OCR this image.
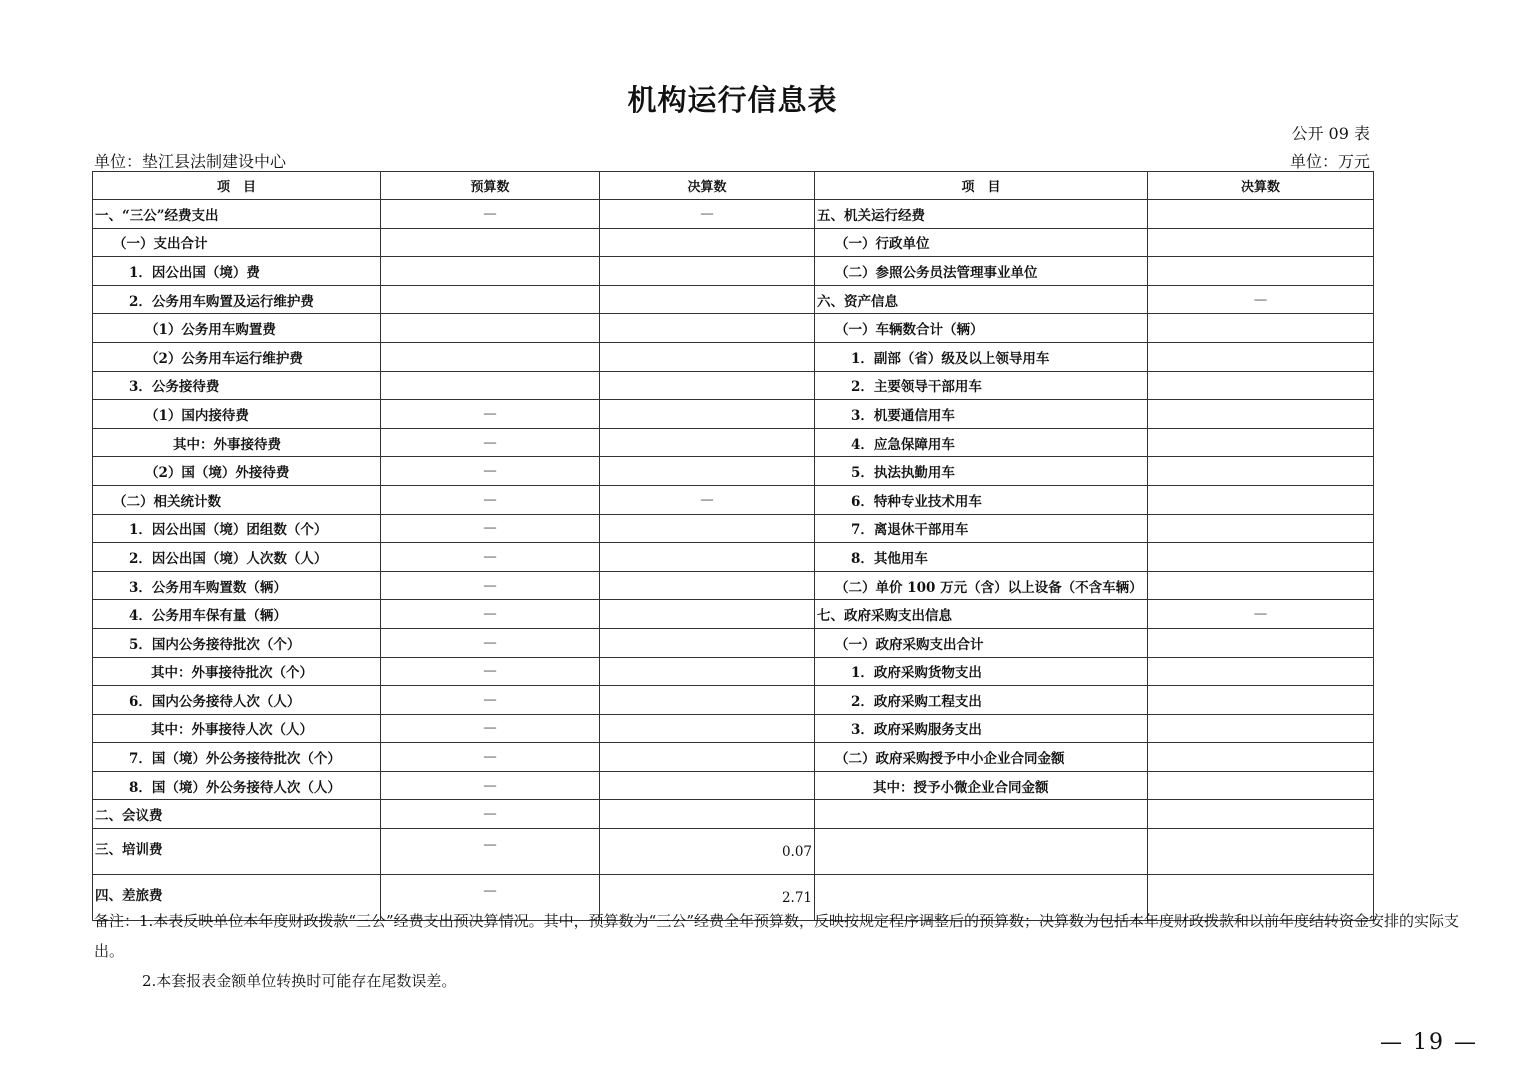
机构运行信息表
公开 09 表
单位：垫江县法制建设中心	单位：万元
项　目	预算数	决算数	项　目	决算数
一、“三公”经费支出	—	—	五、机关运行经费	
（一）支出合计			（一）行政单位	
1．因公出国（境）费			（二）参照公务员法管理事业单位	
2．公务用车购置及运行维护费			六、资产信息	—
（1）公务用车购置费			（一）车辆数合计（辆）	
（2）公务用车运行维护费			1．副部（省）级及以上领导用车	
3．公务接待费			2．主要领导干部用车	
（1）国内接待费	—		3．机要通信用车	
其中：外事接待费	—		4．应急保障用车	
（2）国（境）外接待费	—		5．执法执勤用车	
（二）相关统计数	—	—	6．特种专业技术用车	
1．因公出国（境）团组数（个）	—		7．离退休干部用车	
2．因公出国（境）人次数（人）	—		8．其他用车	
3．公务用车购置数（辆）	—		（二）单价 100 万元（含）以上设备（不含车辆）	
4．公务用车保有量（辆）	—		七、政府采购支出信息	—
5．国内公务接待批次（个）	—		（一）政府采购支出合计	
其中：外事接待批次（个）	—		1．政府采购货物支出	
6．国内公务接待人次（人）	—		2．政府采购工程支出	
其中：外事接待人次（人）	—		3．政府采购服务支出	
7．国（境）外公务接待批次（个）	—		（二）政府采购授予中小企业合同金额	
8．国（境）外公务接待人次（人）	—		其中：授予小微企业合同金额	
二、会议费	—			
三、培训费	—	0.07		
四、差旅费	—	2.71		

备注：1.本表反映单位本年度财政拨款“三公”经费支出预决算情况。其中，预算数为“三公”经费全年预算数，反映按规定程序调整后的预算数；决算数为包括本年度财政拨款和以前年度结转资金安排的实际支出。

2.本套报表金额单位转换时可能存在尾数误差。

— 19 —
